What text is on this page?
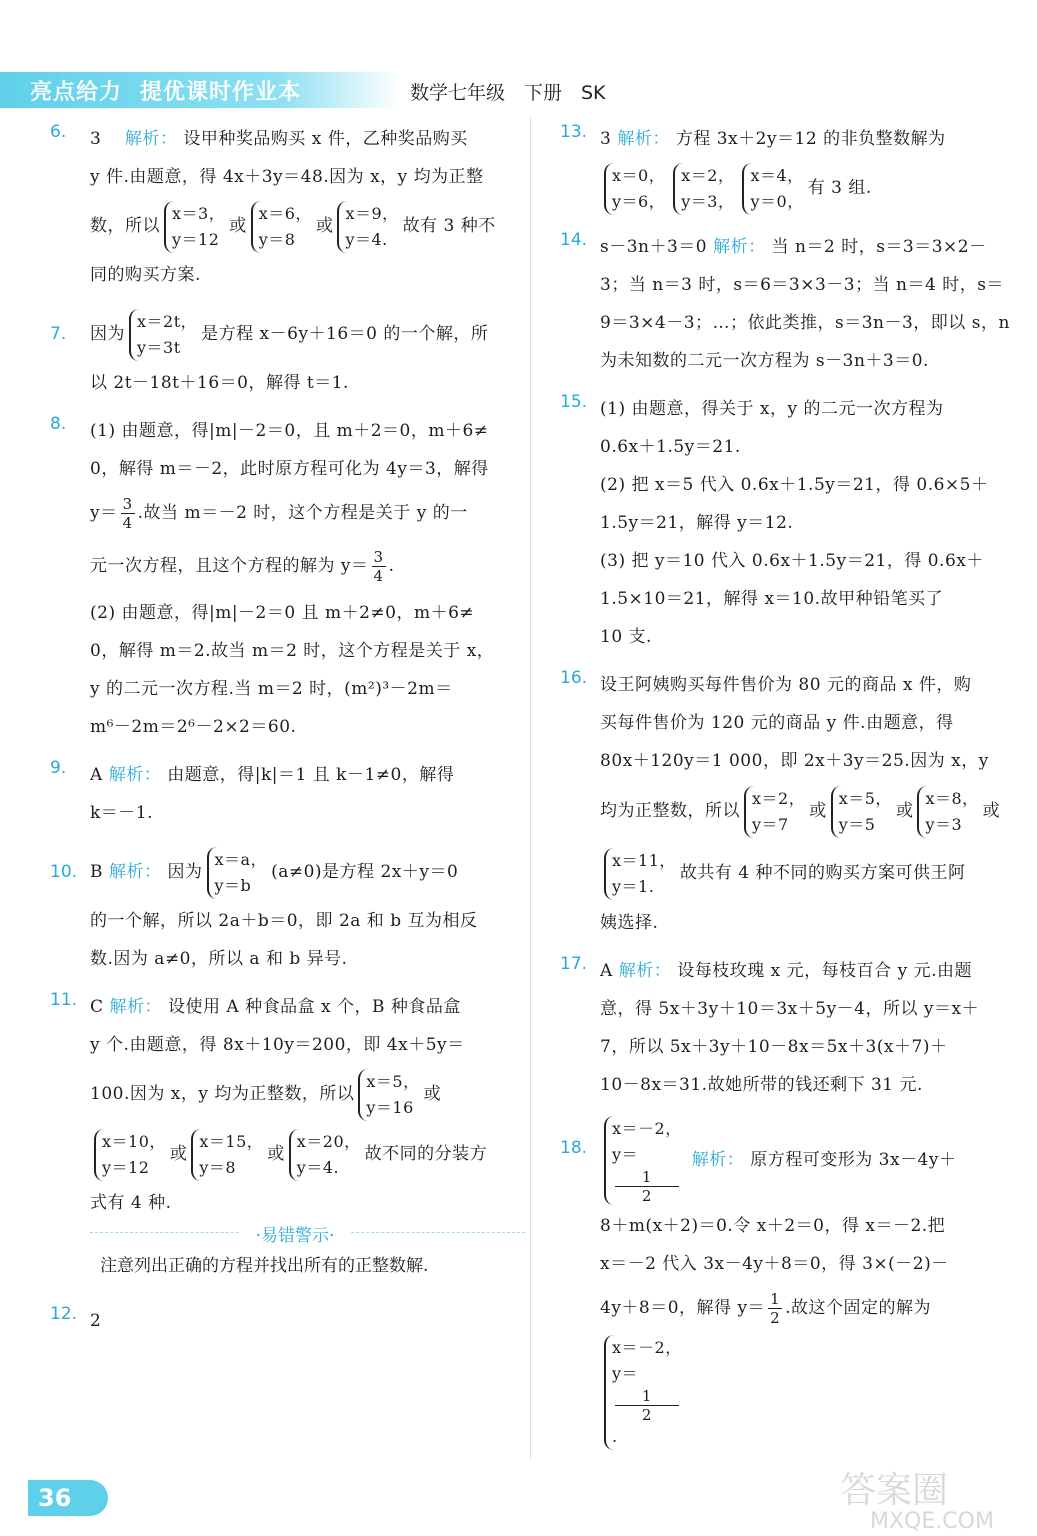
亮点给力 提优课时作业本	数学七年级　下册　SK
6. 3　解析： 设甲种奖品购买 x 件，乙种奖品购买
y 件.由题意，得 4x＋3y＝48.因为 x，y 均为正整
数，所以
x＝3，
y＝12
或
x＝6，
y＝8
或
x＝9，
y＝4.
故有 3 种不
同的购买方案.
7. 因为
x＝2t，
y＝3t
是方程 x－6y＋16＝0 的一个解，所
以 2t－18t＋16＝0，解得 t＝1.
8. (1) 由题意，得|m|－2＝0，且 m＋2＝0，m＋6≠
0，解得 m＝－2，此时原方程可化为 4y＝3，解得
$y= \frac{3}{4}$ .故当 m＝－2 时，这个方程是关于 y 的一
元一次方程，且这个方程的解为 $y= \frac{3}{4}$ .
(2) 由题意，得|m|－2＝0 且 m＋2≠0，m＋6≠
0，解得 m＝2.故当 m＝2 时，这个方程是关于 x，
y 的二元一次方程.当 m＝2 时，(m²)³－2m＝
m⁶－2m＝2⁶－2×2＝60.
9. A 解析： 由题意，得|k|＝1 且 k－1≠0，解得
k＝－1.
10. B 解析： 因为
x＝a，
y＝b
(a≠0)是方程 2x＋y＝0
的一个解，所以 2a＋b＝0，即 2a 和 b 互为相反
数.因为 a≠0，所以 a 和 b 异号.
11. C 解析： 设使用 A 种食品盒 x 个，B 种食品盒
y 个.由题意，得 8x＋10y＝200，即 4x＋5y＝
100.因为 x，y 均为正整数，所以
x＝5，
y＝16
或
x＝10，
y＝12
或
x＝15，
y＝8
或
x＝20，
y＝4.
故不同的分装方
式有 4 种.
·易错警示·
注意列出正确的方程并找出所有的正整数解.
12. 2
13. 3 解析： 方程 3x＋2y＝12 的非负整数解为
x＝0，
y＝6，
x＝2，
y＝3，
x＝4，
y＝0，
有 3 组.
14. s－3n＋3＝0 解析： 当 n＝2 时，s＝3＝3×2－
3；当 n＝3 时，s＝6＝3×3－3；当 n＝4 时，s＝
9＝3×4－3；…；依此类推，s＝3n－3，即以 s，n
为未知数的二元一次方程为 s－3n＋3＝0.
15. (1) 由题意，得关于 x，y 的二元一次方程为
0.6x＋1.5y＝21.
(2) 把 x＝5 代入 0.6x＋1.5y＝21，得 0.6×5＋
1.5y＝21，解得 y＝12.
(3) 把 y＝10 代入 0.6x＋1.5y＝21，得 0.6x＋
1.5×10＝21，解得 x＝10.故甲种铅笔买了
10 支.
16. 设王阿姨购买每件售价为 80 元的商品 x 件，购
买每件售价为 120 元的商品 y 件.由题意，得
80x＋120y＝1 000，即 2x＋3y＝25.因为 x，y
均为正整数，所以
x＝2，
y＝7
或
x＝5，
y＝5
或
x＝8，
y＝3
或
x＝11，
y＝1.
故共有 4 种不同的购买方案可供王阿
姨选择.
17. A 解析： 设每枝玫瑰 x 元，每枝百合 y 元.由题
意，得 5x＋3y＋10＝3x＋5y－4，所以 y＝x＋
7，所以 5x＋3y＋10－8x＝5x＋3(x＋7)＋
10－8x＝31.故她所带的钱还剩下 31 元.
18.
x＝－2，
y＝
1
2
解析： 原方程可变形为 3x－4y＋
8＋m(x＋2)＝0.令 x＋2＝0，得 x＝－2.把
x＝－2 代入 3x－4y＋8＝0，得 3×(－2)－
4y＋8＝0，解得 $y= \frac{1}{2}$ .故这个固定的解为
x＝－2，
y＝
1
2
.
36	答案圈
MXQE.COM
